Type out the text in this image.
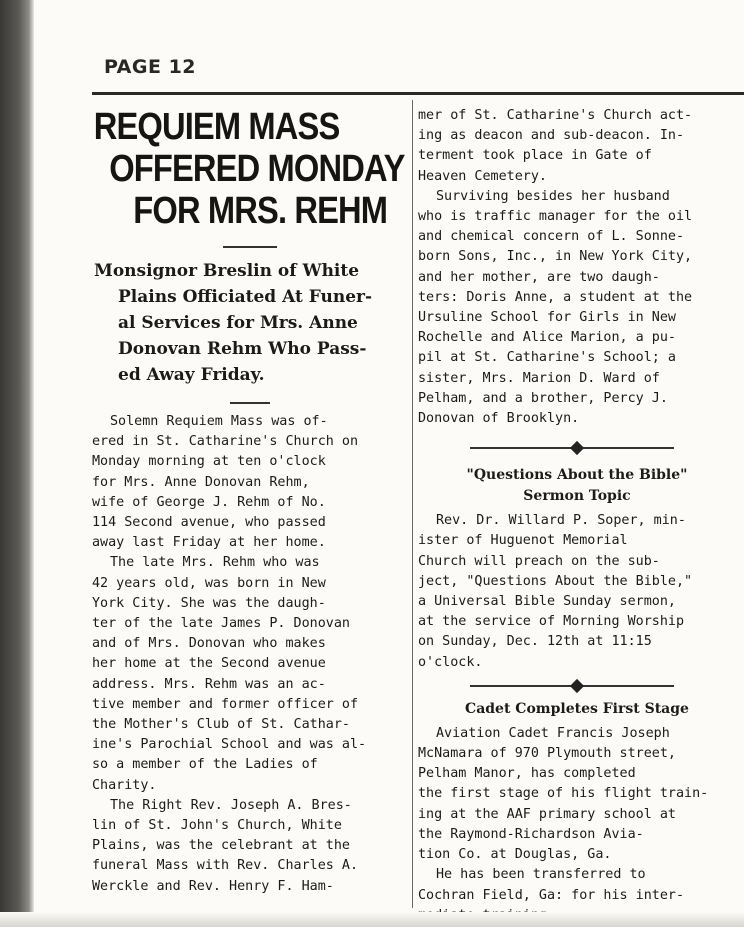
PAGE 12
REQUIEM MASS
OFFERED MONDAY
FOR MRS. REHM
Monsignor Breslin of White
Plains Officiated At Funer-
al Services for Mrs. Anne
Donovan Rehm Who Pass-
ed Away Friday.
Solemn Requiem Mass was of-
ered in St. Catharine's Church on
Monday morning at ten o'clock
for Mrs. Anne Donovan Rehm,
wife of George J. Rehm of No.
114 Second avenue, who passed
away last Friday at her home.
The late Mrs. Rehm who was
42 years old, was born in New
York City. She was the daugh-
ter of the late James P. Donovan
and of Mrs. Donovan who makes
her home at the Second avenue
address. Mrs. Rehm was an ac-
tive member and former officer of
the Mother's Club of St. Cathar-
ine's Parochial School and was al-
so a member of the Ladies of
Charity.
The Right Rev. Joseph A. Bres-
lin of St. John's Church, White
Plains, was the celebrant at the
funeral Mass with Rev. Charles A.
Werckle and Rev. Henry F. Ham-
mer of St. Catharine's Church act-
ing as deacon and sub-deacon. In-
terment took place in Gate of
Heaven Cemetery.
Surviving besides her husband
who is traffic manager for the oil
and chemical concern of L. Sonne-
born Sons, Inc., in New York City,
and her mother, are two daugh-
ters: Doris Anne, a student at the
Ursuline School for Girls in New
Rochelle and Alice Marion, a pu-
pil at St. Catharine's School; a
sister, Mrs. Marion D. Ward of
Pelham, and a brother, Percy J.
Donovan of Brooklyn.
"Questions About the Bible"
Sermon Topic
Rev. Dr. Willard P. Soper, min-
ister of Huguenot Memorial
Church will preach on the sub-
ject, "Questions About the Bible,"
a Universal Bible Sunday sermon,
at the service of Morning Worship
on Sunday, Dec. 12th at 11:15
o'clock.
Cadet Completes First Stage
Aviation Cadet Francis Joseph
McNamara of 970 Plymouth street,
Pelham Manor, has completed
the first stage of his flight train-
ing at the AAF primary school at
the Raymond-Richardson Avia-
tion Co. at Douglas, Ga.
He has been transferred to
Cochran Field, Ga: for his inter-
